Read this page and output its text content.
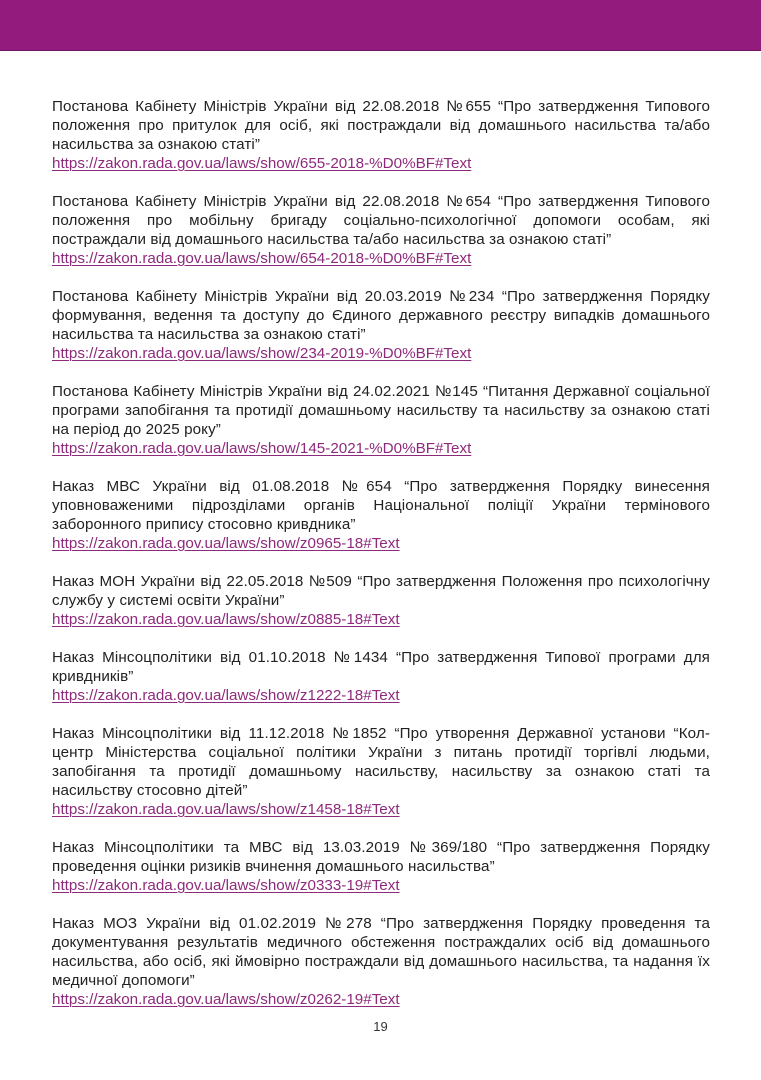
Постанова Кабінету Міністрів України від 22.08.2018 №655 “Про затвердження Типового положення про притулок для осіб, які постраждали від домашнього насильства та/або насильства за ознакою статі”

https://zakon.rada.gov.ua/laws/show/655-2018-%D0%BF#Text

Постанова Кабінету Міністрів України від 22.08.2018 №654 “Про затвердження Типового положення про мобільну бригаду соціально-психологічної допомоги особам, які постраждали від домашнього насильства та/або насильства за ознакою статі”

https://zakon.rada.gov.ua/laws/show/654-2018-%D0%BF#Text

Постанова Кабінету Міністрів України від 20.03.2019 №234 “Про затвердження Порядку формування, ведення та доступу до Єдиного державного реєстру випадків домашнього насильства та насильства за ознакою статі”

https://zakon.rada.gov.ua/laws/show/234-2019-%D0%BF#Text

Постанова Кабінету Міністрів України від 24.02.2021 №145 “Питання Державної соціальної програми запобігання та протидії домашньому насильству та насильству за ознакою статі на період до 2025 року”

https://zakon.rada.gov.ua/laws/show/145-2021-%D0%BF#Text

Наказ МВС України від 01.08.2018 №654 “Про затвердження Порядку винесення уповноваженими підрозділами органів Національної поліції України термінового заборонного припису стосовно кривдника”

https://zakon.rada.gov.ua/laws/show/z0965-18#Text

Наказ МОН України від 22.05.2018 №509 “Про затвердження Положення про психологічну службу у системі освіти України”

https://zakon.rada.gov.ua/laws/show/z0885-18#Text

Наказ Мінсоцполітики від 01.10.2018 №1434 “Про затвердження Типової програми для кривдників”

https://zakon.rada.gov.ua/laws/show/z1222-18#Text

Наказ Мінсоцполітики від 11.12.2018 №1852 “Про утворення Державної установи “Кол-центр Міністерства соціальної політики України з питань протидії торгівлі людьми, запобігання та протидії домашньому насильству, насильству за ознакою статі та насильству стосовно дітей”

https://zakon.rada.gov.ua/laws/show/z1458-18#Text

Наказ Мінсоцполітики та МВС від 13.03.2019 №369/180 “Про затвердження Порядку проведення оцінки ризиків вчинення домашнього насильства”

https://zakon.rada.gov.ua/laws/show/z0333-19#Text

Наказ МОЗ України від 01.02.2019 №278 “Про затвердження Порядку проведення та документування результатів медичного обстеження постраждалих осіб від домашнього насильства, або осіб, які ймовірно постраждали від домашнього насильства, та надання їх медичної допомоги”

https://zakon.rada.gov.ua/laws/show/z0262-19#Text
19
